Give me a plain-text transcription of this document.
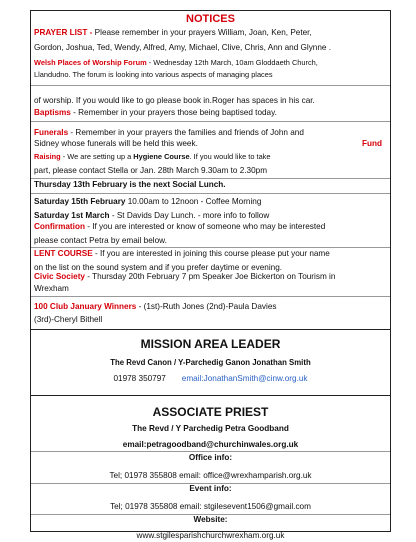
NOTICES
PRAYER LIST - Please remember in your prayers William, Joan, Ken, Peter,
Gordon, Joshua, Ted, Wendy, Alfred, Amy, Michael, Clive, Chris, Ann and Glynne .
Welsh Places of Worship Forum - Wednesday 12th March, 10am Gloddaeth Church,
Llandudno. The forum is looking into various aspects of managing places
of worship. If you would like to go please book in.Roger has spaces in his car.
Baptisms - Remember in your prayers those being baptised today.
Funerals - Remember in your prayers the families and friends of John and
Sidney whose funerals will be held this week.	Fund
Raising - We are setting up a Hygiene Course. If you would like to take
part, please contact Stella or Jan. 28th March 9.30am to 2.30pm
Thursday 13th February is the next Social Lunch.
Saturday 15th February 10.00am to 12noon - Coffee Morning
Saturday 1st March - St Davids Day Lunch. - more info to follow
Confirmation - If you are interested or know of someone who may be interested
please contact Petra by email below.
LENT COURSE - If you are interested in joining this course please put your name
on the list on the sound system and if you prefer daytime or evening.
Civic Society - Thursday 20th February 7 pm Speaker Joe Bickerton on Tourism in
Wrexham
100 Club January Winners - (1st)-Ruth Jones (2nd)-Paula Davies
(3rd)-Cheryl Bithell
MISSION AREA LEADER
The Revd Canon / Y-Parchedig Ganon Jonathan Smith
01978 350797 email:JonathanSmith@cinw.org.uk
ASSOCIATE PRIEST
The Revd / Y Parchedig Petra Goodband
email:petragoodband@churchinwales.org.uk
Office info:
Tel; 01978 355808 email: office@wrexhamparish.org.uk
Event info:
Tel; 01978 355808 email: stgilesevent1506@gmail.com
Website:
www.stgilesparishchurchwrexham.org.uk
